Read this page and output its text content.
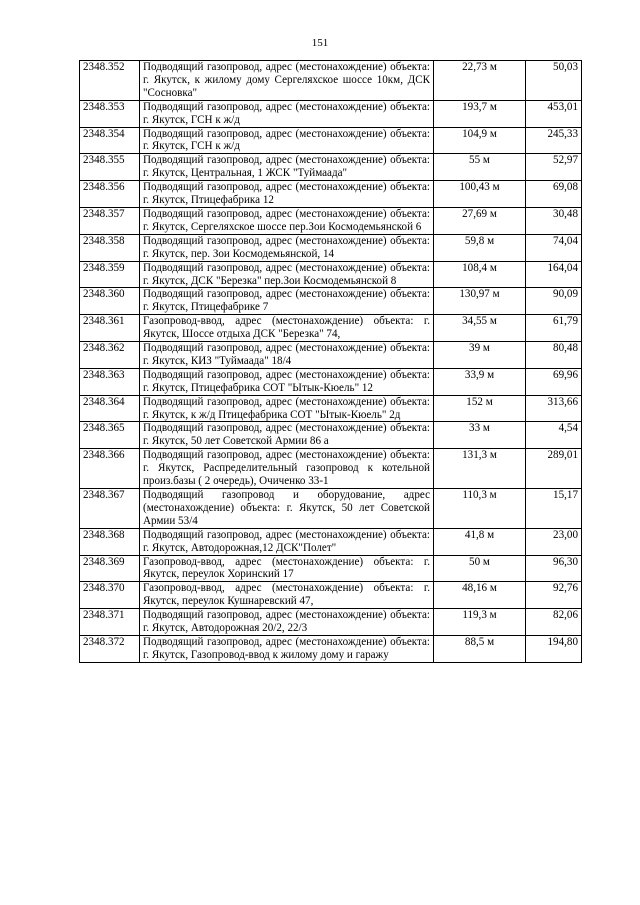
151
2348.352	Подводящий газопровод, адрес (местонахождение) объекта: г. Якутск, к жилому дому Сергеляхское шоссе 10км, ДСК "Сосновка"	22,73 м	50,03
2348.353	Подводящий газопровод, адрес (местонахождение) объекта: г. Якутск, ГСН к ж/д	193,7 м	453,01
2348.354	Подводящий газопровод, адрес (местонахождение) объекта: г. Якутск, ГСН к ж/д	104,9 м	245,33
2348.355	Подводящий газопровод, адрес (местонахождение) объекта: г. Якутск, Центральная, 1 ЖСК "Туймаада"	55 м	52,97
2348.356	Подводящий газопровод, адрес (местонахождение) объекта: г. Якутск, Птицефабрика 12	100,43 м	69,08
2348.357	Подводящий газопровод, адрес (местонахождение) объекта: г. Якутск, Сергеляхское шоссе пер.Зои Космодемьянской 6	27,69 м	30,48
2348.358	Подводящий газопровод, адрес (местонахождение) объекта: г. Якутск, пер. Зои Космодемьянской, 14	59,8 м	74,04
2348.359	Подводящий газопровод, адрес (местонахождение) объекта: г. Якутск, ДСК "Березка" пер.Зои Космодемьянской 8	108,4 м	164,04
2348.360	Подводящий газопровод, адрес (местонахождение) объекта: г. Якутск, Птицефабрике 7	130,97 м	90,09
2348.361	Газопровод-ввод, адрес (местонахождение) объекта: г. Якутск, Шоссе отдыха ДСК "Березка" 74,	34,55 м	61,79
2348.362	Подводящий газопровод, адрес (местонахождение) объекта: г. Якутск, КИЗ "Туймаада" 18/4	39 м	80,48
2348.363	Подводящий газопровод, адрес (местонахождение) объекта: г. Якутск, Птицефабрика СОТ "Ытык-Кюель" 12	33,9 м	69,96
2348.364	Подводящий газопровод, адрес (местонахождение) объекта: г. Якутск, к ж/д Птицефабрика СОТ "Ытык-Кюель" 2д	152 м	313,66
2348.365	Подводящий газопровод, адрес (местонахождение) объекта: г. Якутск, 50 лет Советской Армии 86 а	33 м	4,54
2348.366	Подводящий газопровод, адрес (местонахождение) объекта: г. Якутск, Распределительный газопровод к котельной произ.базы ( 2 очередь), Очиченко 33-1	131,3 м	289,01
2348.367	Подводящий газопровод и оборудование, адрес (местонахождение) объекта: г. Якутск, 50 лет Советской Армии 53/4	110,3 м	15,17
2348.368	Подводящий газопровод, адрес (местонахождение) объекта: г. Якутск, Автодорожная,12 ДСК"Полет"	41,8 м	23,00
2348.369	Газопровод-ввод, адрес (местонахождение) объекта: г. Якутск, переулок Хоринский 17	50 м	96,30
2348.370	Газопровод-ввод, адрес (местонахождение) объекта: г. Якутск, переулок Кушнаревский 47,	48,16 м	92,76
2348.371	Подводящий газопровод, адрес (местонахождение) объекта: г. Якутск, Автодорожная 20/2, 22/3	119,3 м	82,06
2348.372	Подводящий газопровод, адрес (местонахождение) объекта: г. Якутск, Газопровод-ввод к жилому дому и гаражу	88,5 м	194,80
